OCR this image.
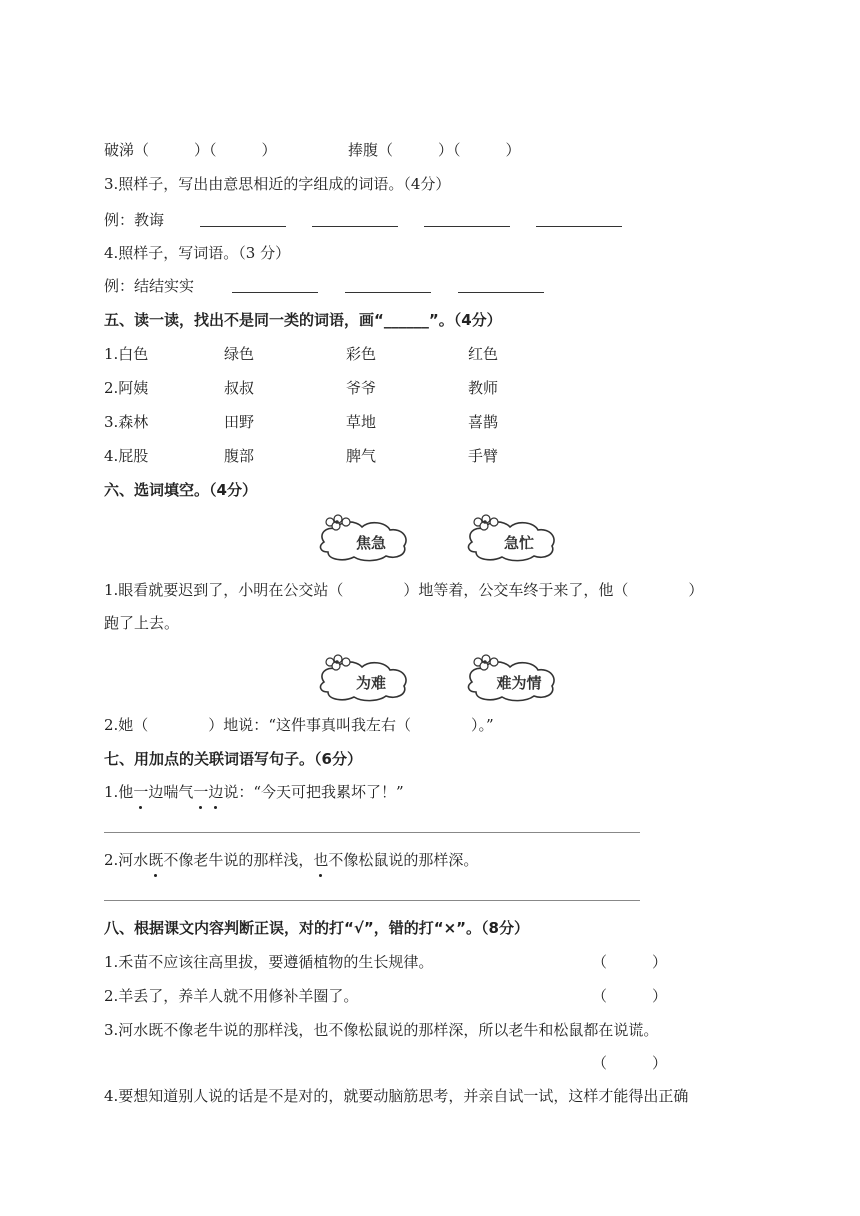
破涕（　　　）（　　　）	捧腹（　　　）（　　　）
3.照样子，写出由意思相近的字组成的词语。（4分）
例：教诲
4.照样子，写词语。（3 分）
例：结结实实
五、读一读，找出不是同一类的词语，画“______”。（4分）
1.白色	绿色	彩色	红色
2.阿姨	叔叔	爷爷	教师
3.森林	田野	草地	喜鹊
4.屁股	腹部	脾气	手臂
六、选词填空。（4分）
焦急	急忙
1.眼看就要迟到了，小明在公交站（　　　　）地等着，公交车终于来了，他（　　　　）
跑了上去。
为难	难为情
2.她（　　　　）地说：“这件事真叫我左右（　　　　）。”
七、用加点的关联词语写句子。（6分）
1.他一边喘气一边说：“今天可把我累坏了！”
2.河水既不像老牛说的那样浅，也不像松鼠说的那样深。
八、根据课文内容判断正误，对的打“√”，错的打“×”。（8分）
1.禾苗不应该往高里拔，要遵循植物的生长规律。	（　　　）
2.羊丢了，养羊人就不用修补羊圈了。	（　　　）
3.河水既不像老牛说的那样浅，也不像松鼠说的那样深，所以老牛和松鼠都在说谎。
（　　　）
4.要想知道别人说的话是不是对的，就要动脑筋思考，并亲自试一试，这样才能得出正确
